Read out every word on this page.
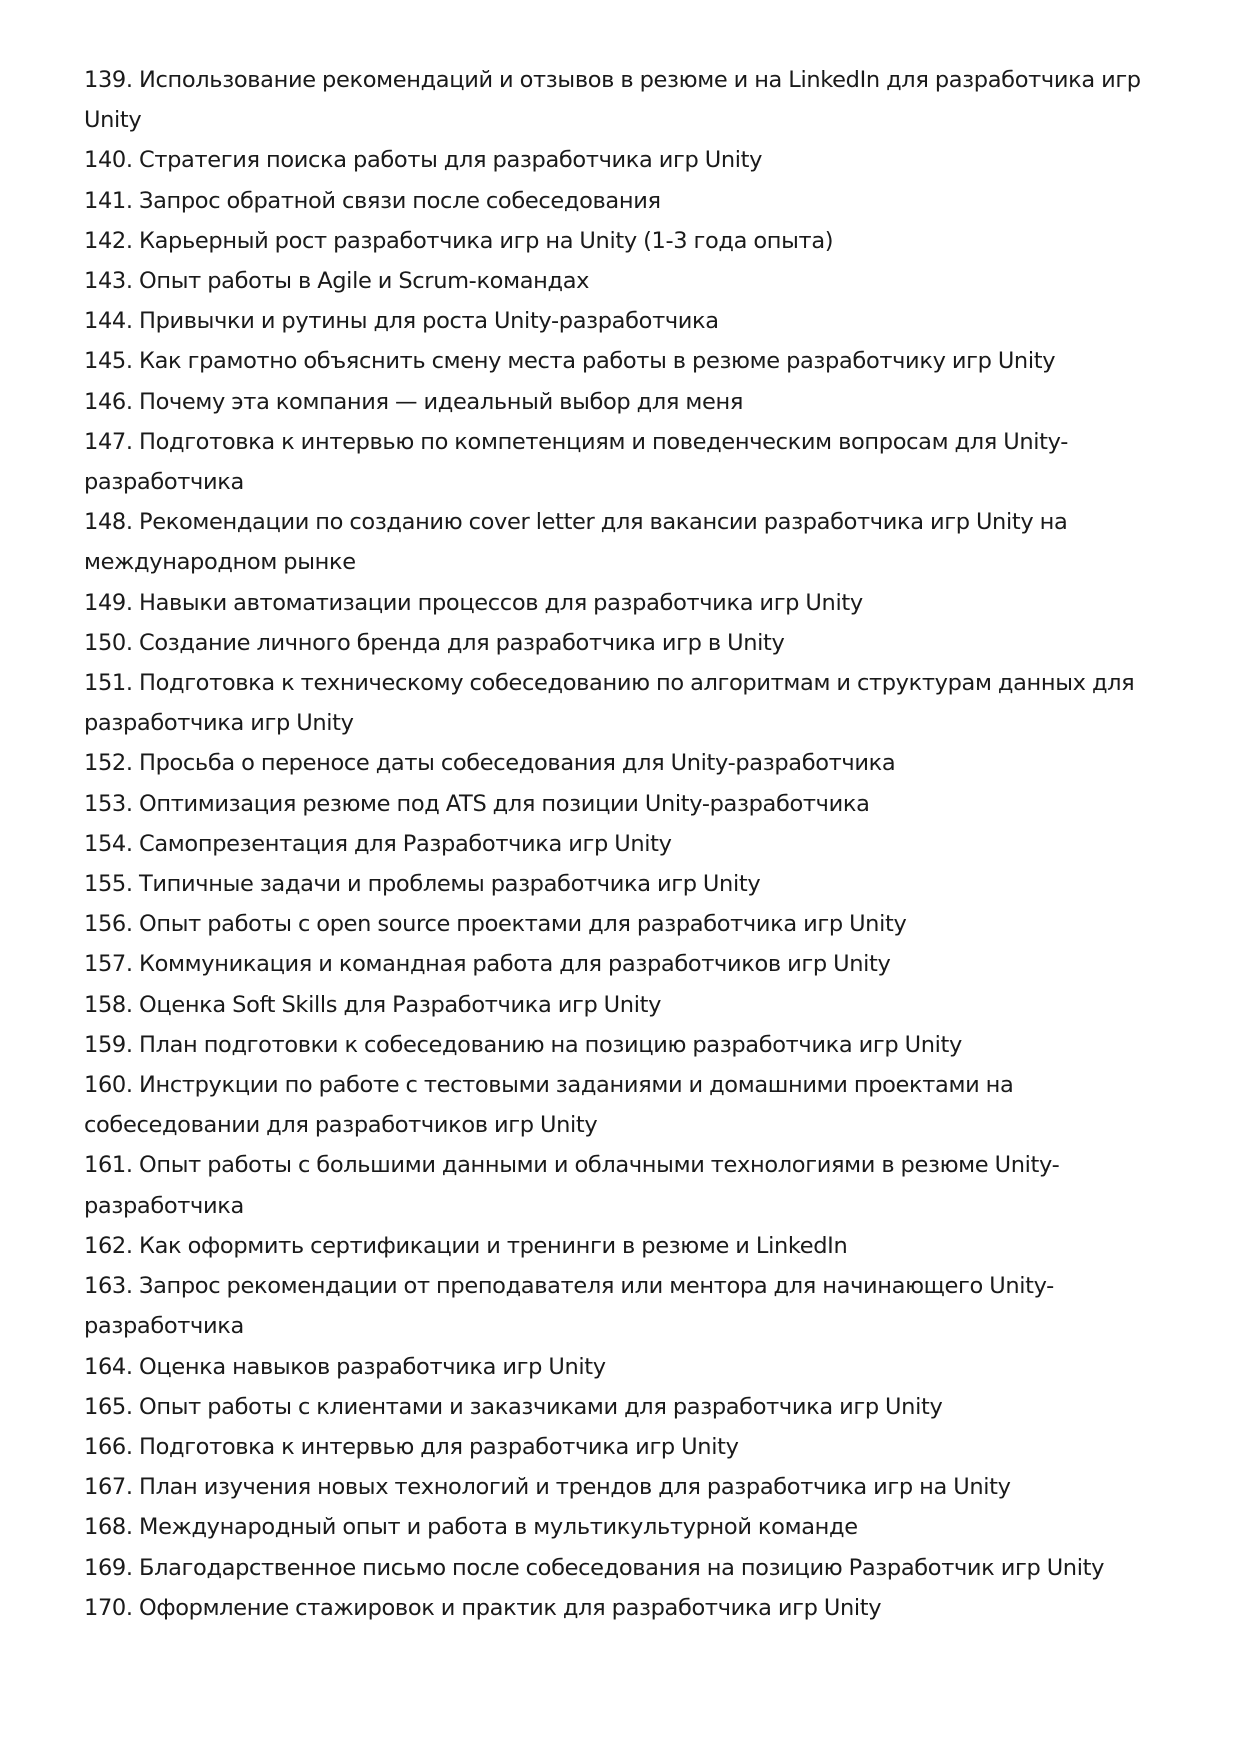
139. Использование рекомендаций и отзывов в резюме и на LinkedIn для разработчика игр Unity
140. Стратегия поиска работы для разработчика игр Unity
141. Запрос обратной связи после собеседования
142. Карьерный рост разработчика игр на Unity (1-3 года опыта)
143. Опыт работы в Agile и Scrum-командах
144. Привычки и рутины для роста Unity-разработчика
145. Как грамотно объяснить смену места работы в резюме разработчику игр Unity
146. Почему эта компания — идеальный выбор для меня
147. Подготовка к интервью по компетенциям и поведенческим вопросам для Unity-разработчика
148. Рекомендации по созданию cover letter для вакансии разработчика игр Unity на международном рынке
149. Навыки автоматизации процессов для разработчика игр Unity
150. Создание личного бренда для разработчика игр в Unity
151. Подготовка к техническому собеседованию по алгоритмам и структурам данных для разработчика игр Unity
152. Просьба о переносе даты собеседования для Unity-разработчика
153. Оптимизация резюме под ATS для позиции Unity-разработчика
154. Самопрезентация для Разработчика игр Unity
155. Типичные задачи и проблемы разработчика игр Unity
156. Опыт работы с open source проектами для разработчика игр Unity
157. Коммуникация и командная работа для разработчиков игр Unity
158. Оценка Soft Skills для Разработчика игр Unity
159. План подготовки к собеседованию на позицию разработчика игр Unity
160. Инструкции по работе с тестовыми заданиями и домашними проектами на собеседовании для разработчиков игр Unity
161. Опыт работы с большими данными и облачными технологиями в резюме Unity-разработчика
162. Как оформить сертификации и тренинги в резюме и LinkedIn
163. Запрос рекомендации от преподавателя или ментора для начинающего Unity-разработчика
164. Оценка навыков разработчика игр Unity
165. Опыт работы с клиентами и заказчиками для разработчика игр Unity
166. Подготовка к интервью для разработчика игр Unity
167. План изучения новых технологий и трендов для разработчика игр на Unity
168. Международный опыт и работа в мультикультурной команде
169. Благодарственное письмо после собеседования на позицию Разработчик игр Unity
170. Оформление стажировок и практик для разработчика игр Unity
